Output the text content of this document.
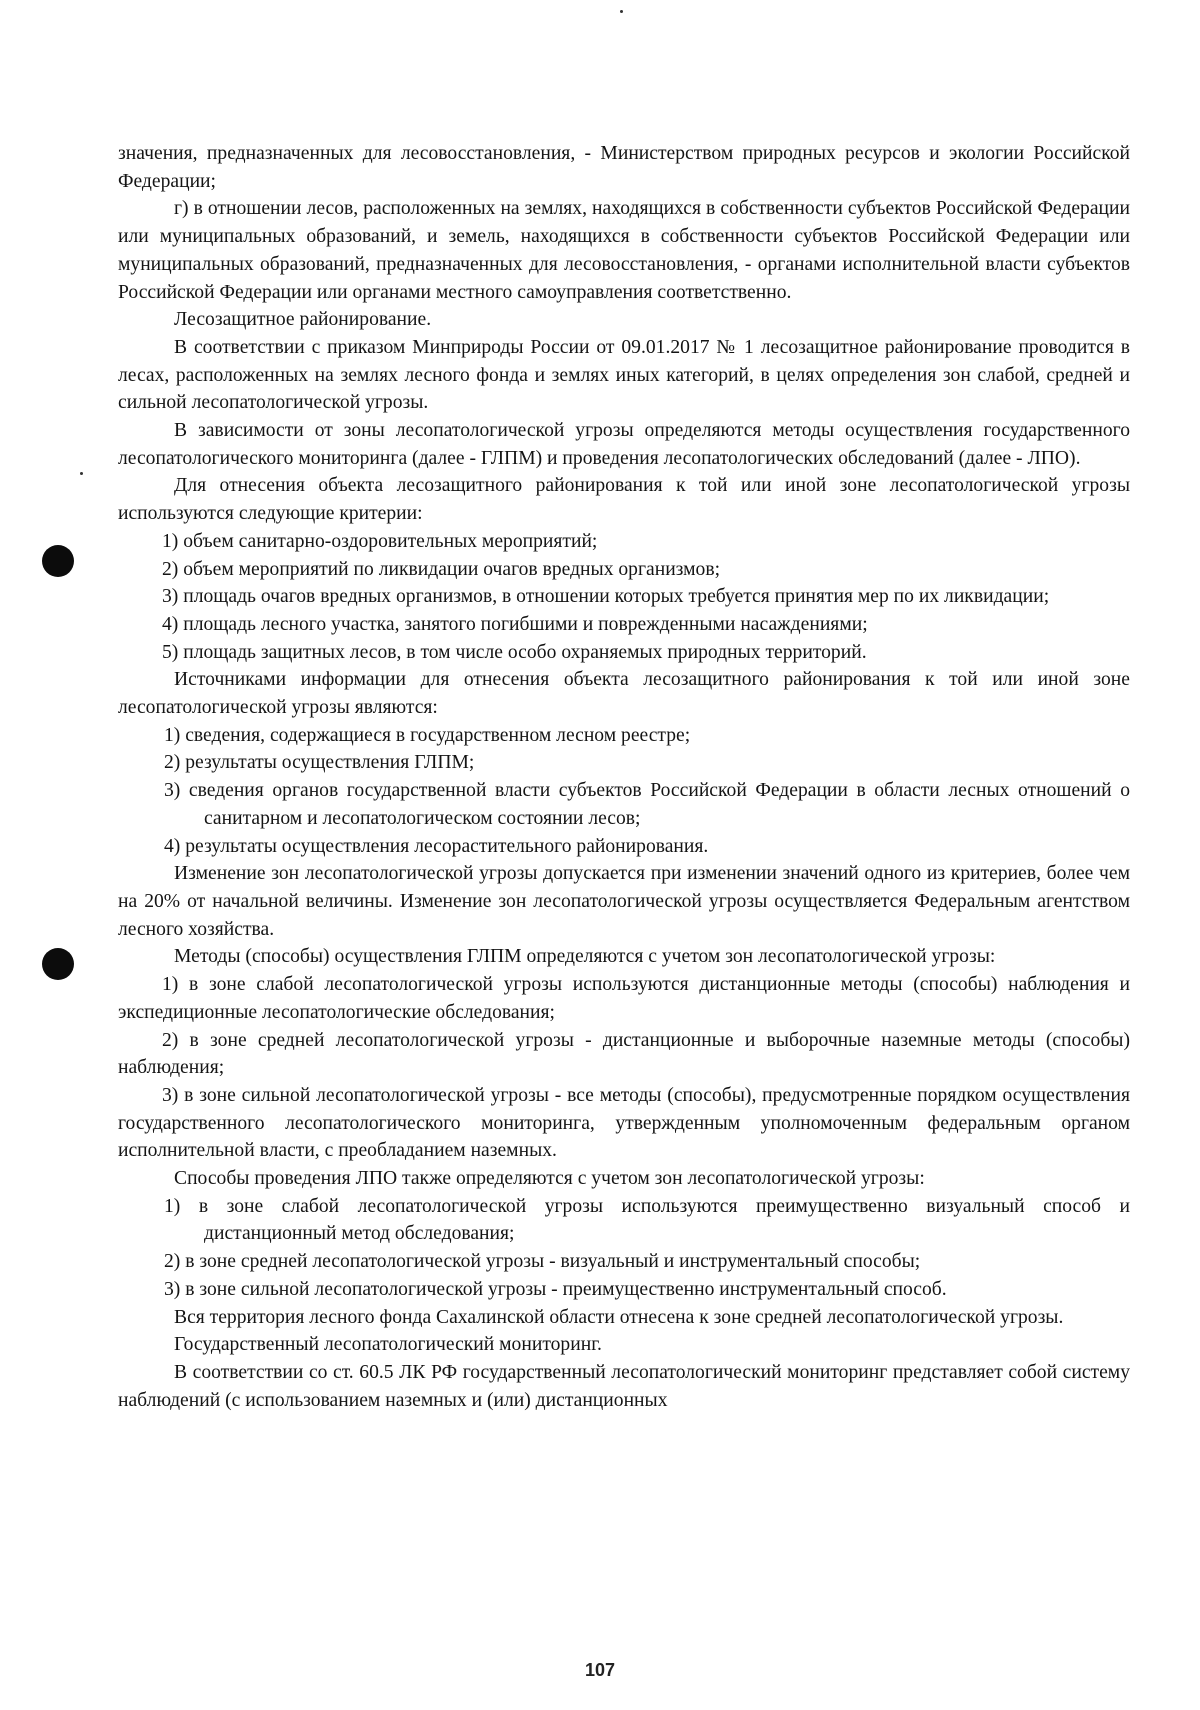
значения, предназначенных для лесовосстановления, - Министерством природных ресурсов и экологии Российской Федерации;

г) в отношении лесов, расположенных на землях, находящихся в собственности субъектов Российской Федерации или муниципальных образований, и земель, находящихся в собственности субъектов Российской Федерации или муниципальных образований, предназначенных для лесовосстановления, - органами исполнительной власти субъектов Российской Федерации или органами местного самоуправления соответственно.

Лесозащитное районирование.

В соответствии с приказом Минприроды России от 09.01.2017 № 1 лесозащитное районирование проводится в лесах, расположенных на землях лесного фонда и землях иных категорий, в целях определения зон слабой, средней и сильной лесопатологической угрозы.

В зависимости от зоны лесопатологической угрозы определяются методы осуществления государственного лесопатологического мониторинга (далее - ГЛПМ) и проведения лесопатологических обследований (далее - ЛПО).

Для отнесения объекта лесозащитного районирования к той или иной зоне лесопатологической угрозы используются следующие критерии:

1) объем санитарно-оздоровительных мероприятий;

2) объем мероприятий по ликвидации очагов вредных организмов;

3) площадь очагов вредных организмов, в отношении которых требуется принятия мер по их ликвидации;

4) площадь лесного участка, занятого погибшими и поврежденными насаждениями;

5) площадь защитных лесов, в том числе особо охраняемых природных территорий.

Источниками информации для отнесения объекта лесозащитного районирования к той или иной зоне лесопатологической угрозы являются:

1) сведения, содержащиеся в государственном лесном реестре;

2) результаты осуществления ГЛПМ;

3) сведения органов государственной власти субъектов Российской Федерации в области лесных отношений о санитарном и лесопатологическом состоянии лесов;

4) результаты осуществления лесорастительного районирования.

Изменение зон лесопатологической угрозы допускается при изменении значений одного из критериев, более чем на 20% от начальной величины. Изменение зон лесопатологической угрозы осуществляется Федеральным агентством лесного хозяйства.

Методы (способы) осуществления ГЛПМ определяются с учетом зон лесопатологической угрозы:

1) в зоне слабой лесопатологической угрозы используются дистанционные методы (способы) наблюдения и экспедиционные лесопатологические обследования;

2) в зоне средней лесопатологической угрозы - дистанционные и выборочные наземные методы (способы) наблюдения;

3) в зоне сильной лесопатологической угрозы - все методы (способы), предусмотренные порядком осуществления государственного лесопатологического мониторинга, утвержденным уполномоченным федеральным органом исполнительной власти, с преобладанием наземных.

Способы проведения ЛПО также определяются с учетом зон лесопатологической угрозы:

1) в зоне слабой лесопатологической угрозы используются преимущественно визуальный способ и дистанционный метод обследования;

2) в зоне средней лесопатологической угрозы - визуальный и инструментальный способы;

3) в зоне сильной лесопатологической угрозы - преимущественно инструментальный способ.

Вся территория лесного фонда Сахалинской области отнесена к зоне средней лесопатологической угрозы.

Государственный лесопатологический мониторинг.

В соответствии со ст. 60.5 ЛК РФ государственный лесопатологический мониторинг представляет собой систему наблюдений (с использованием наземных и (или) дистанционных

107
